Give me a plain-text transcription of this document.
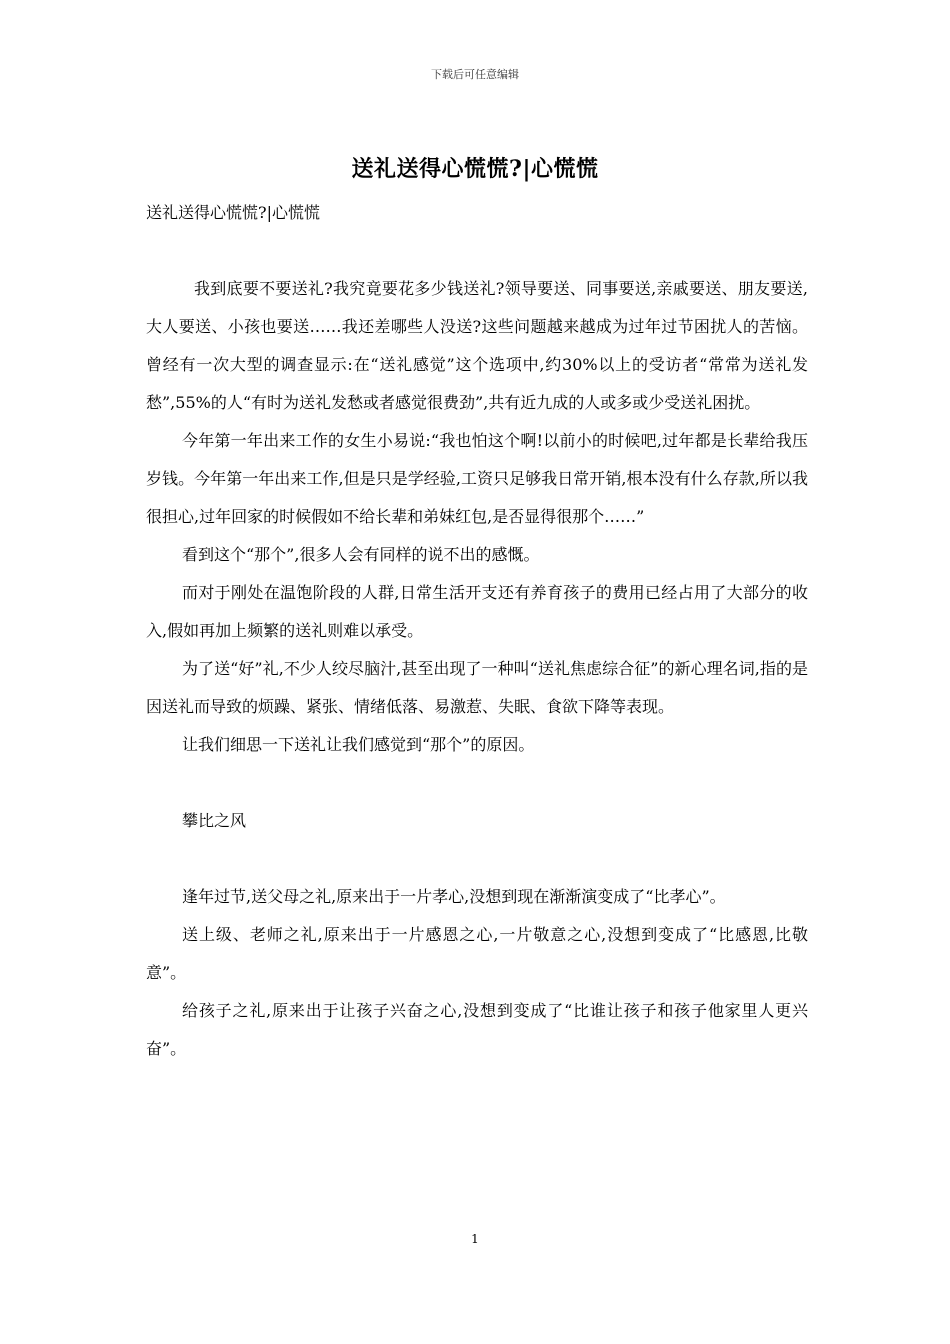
下载后可任意编辑
送礼送得心慌慌?|心慌慌
送礼送得心慌慌?|心慌慌

我到底要不要送礼?我究竟要花多少钱送礼?领导要送、同事要送,亲戚要送、朋友要送,大人要送、小孩也要送……我还差哪些人没送?这些问题越来越成为过年过节困扰人的苦恼。 曾经有一次大型的调查显示:在“送礼感觉”这个选项中,约30%以上的受访者“常常为送礼发愁”,55%的人“有时为送礼发愁或者感觉很费劲”,共有近九成的人或多或少受送礼困扰。

今年第一年出来工作的女生小易说:“我也怕这个啊!以前小的时候吧,过年都是长辈给我压岁钱。今年第一年出来工作,但是只是学经验,工资只足够我日常开销,根本没有什么存款,所以我很担心,过年回家的时候假如不给长辈和弟妹红包,是否显得很那个……”

看到这个“那个”,很多人会有同样的说不出的感慨。

而对于刚处在温饱阶段的人群,日常生活开支还有养育孩子的费用已经占用了大部分的收入,假如再加上频繁的送礼则难以承受。

为了送“好”礼,不少人绞尽脑汁,甚至出现了一种叫“送礼焦虑综合征”的新心理名词,指的是因送礼而导致的烦躁、紧张、情绪低落、易激惹、失眠、食欲下降等表现。

让我们细思一下送礼让我们感觉到“那个”的原因。

攀比之风

逢年过节,送父母之礼,原来出于一片孝心,没想到现在渐渐演变成了“比孝心”。

送上级、老师之礼,原来出于一片感恩之心,一片敬意之心,没想到变成了“比感恩,比敬意”。

给孩子之礼,原来出于让孩子兴奋之心,没想到变成了“比谁让孩子和孩子他家里人更兴奋”。

1
